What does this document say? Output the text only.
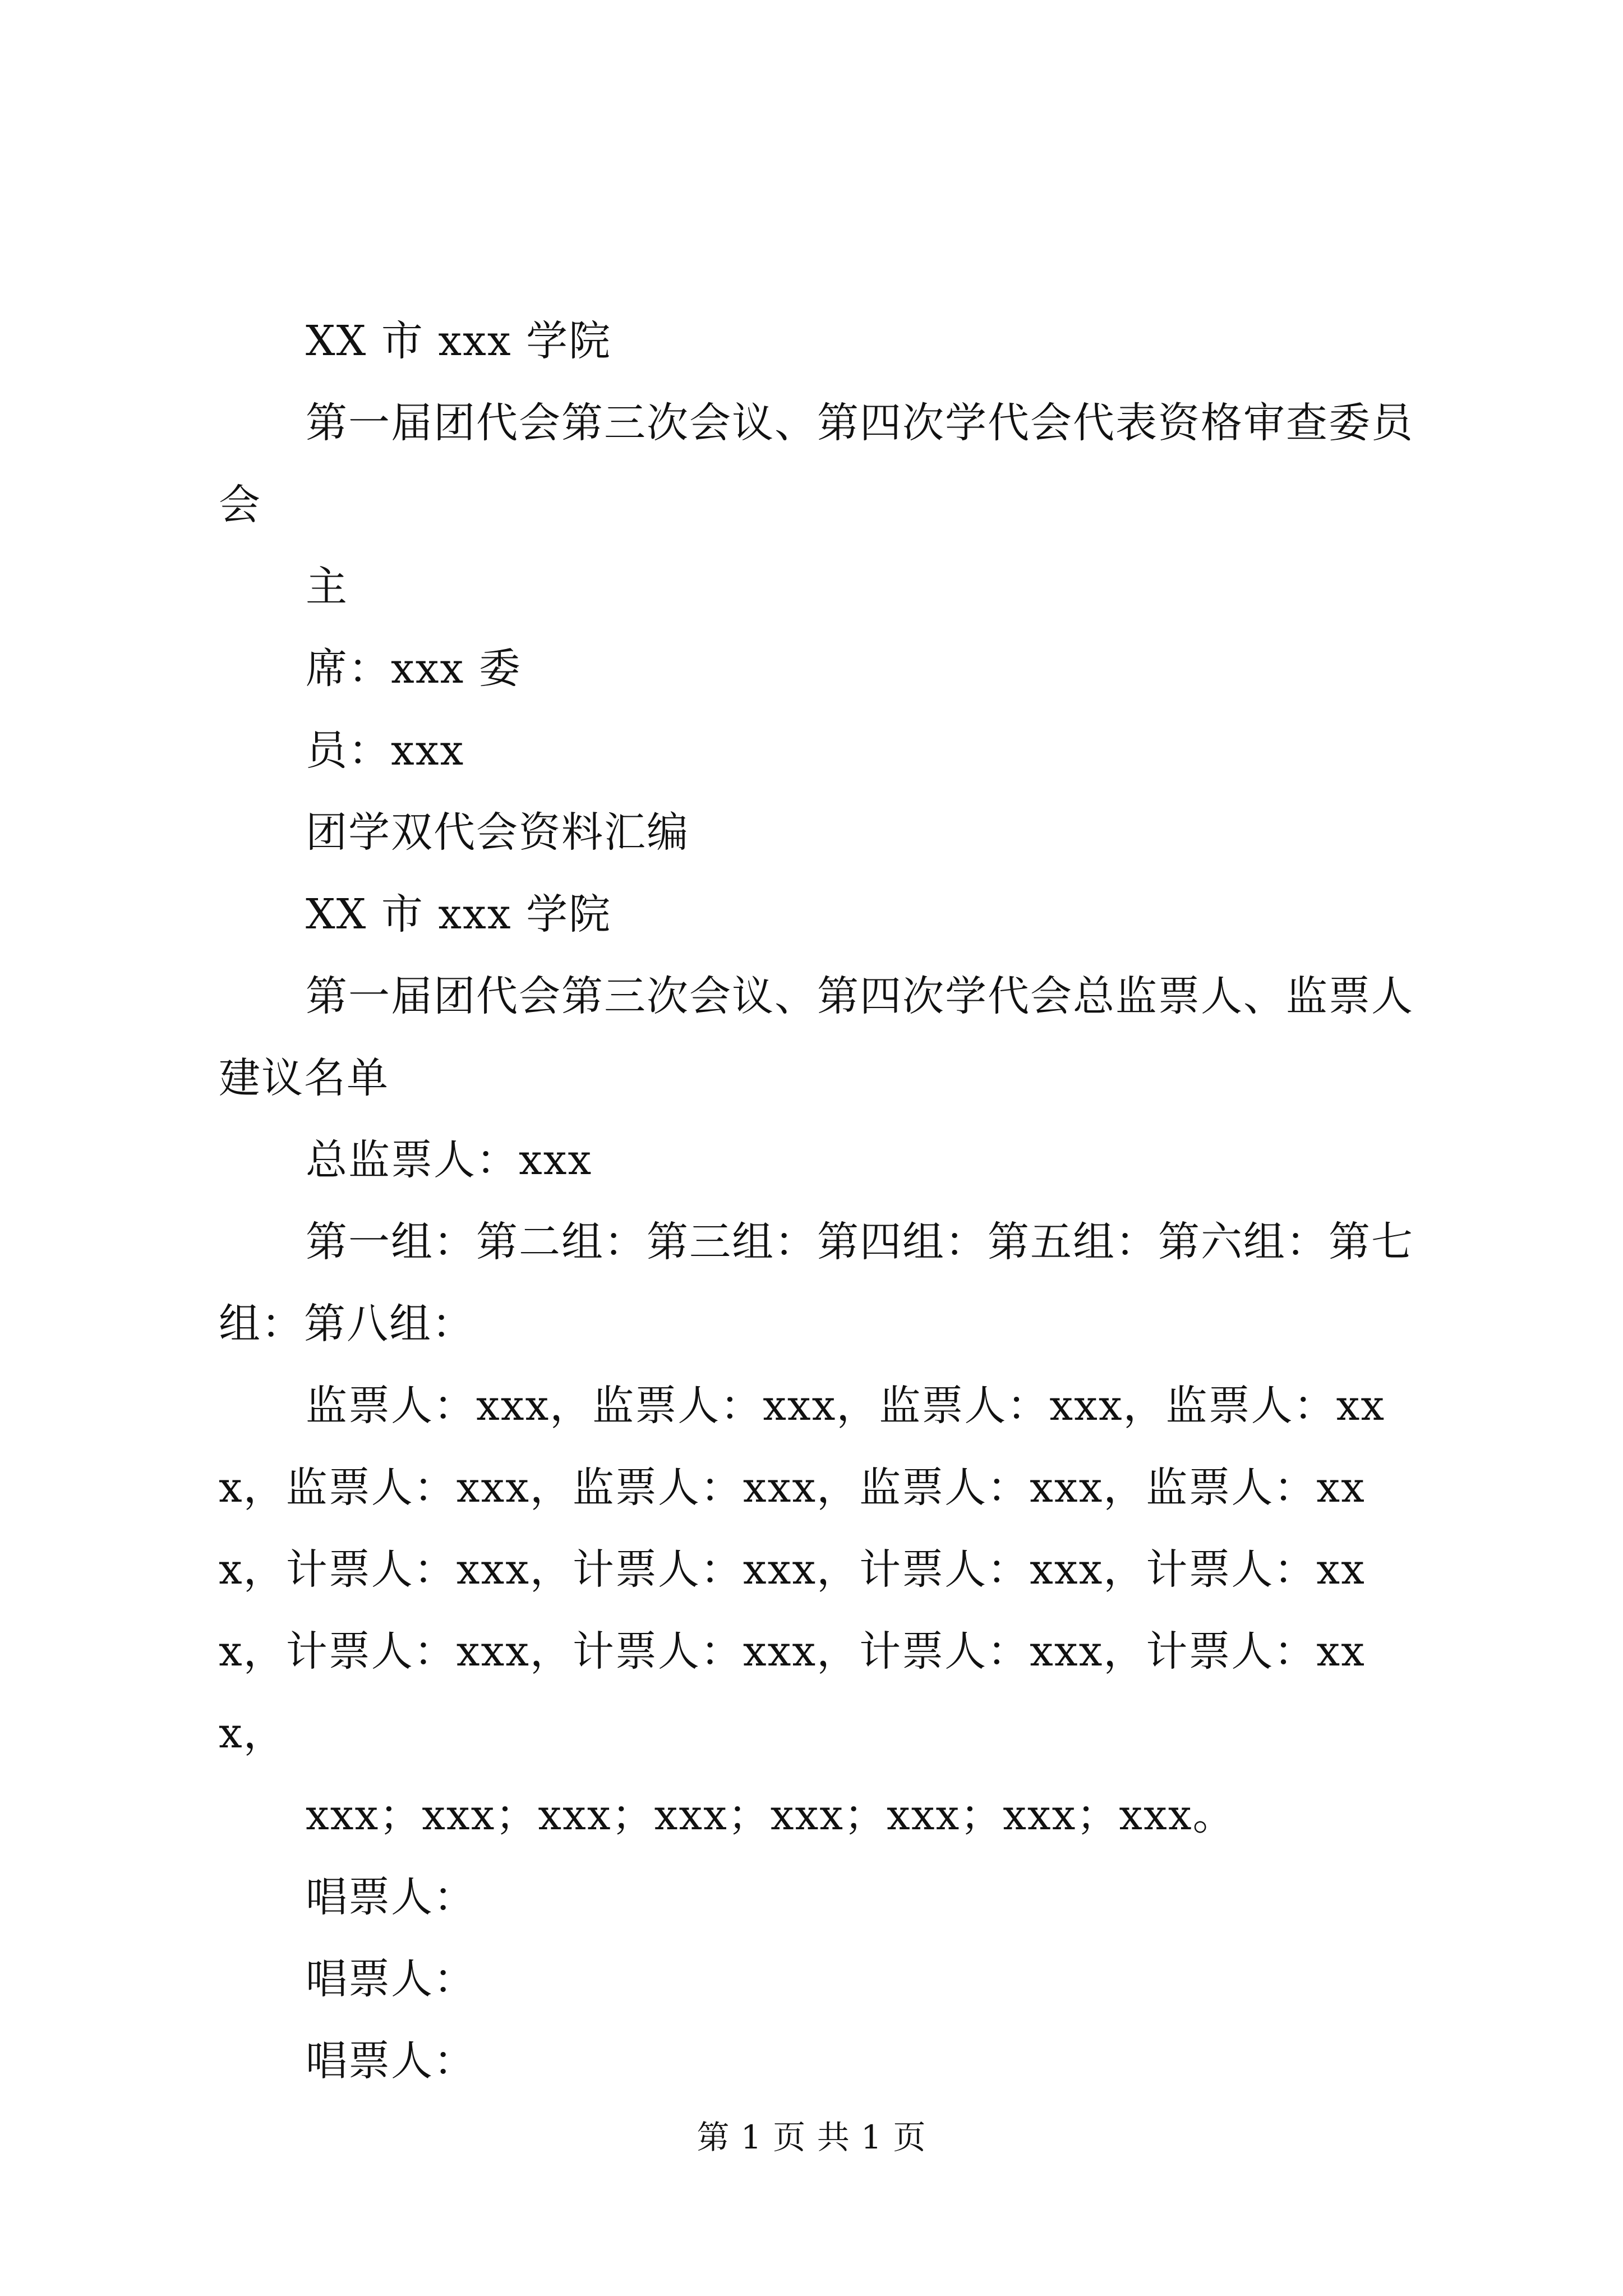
XX 市 xxx 学院

第一届团代会第三次会议、第四次学代会代表资格审查委员会

主

席：xxx 委

员：xxx

团学双代会资料汇编

XX 市 xxx 学院

第一届团代会第三次会议、第四次学代会总监票人、监票人建议名单

总监票人：xxx

第一组：第二组：第三组：第四组：第五组：第六组：第七组：第八组：

监票人：xxx，监票人：xxx，监票人：xxx，监票人：xxx，监票人：xxx，监票人：xxx，监票人：xxx，监票人：xxx，计票人：xxx，计票人：xxx，计票人：xxx，计票人：xxx，计票人：xxx，计票人：xxx，计票人：xxx，计票人：xxx，

xxx；xxx；xxx；xxx；xxx；xxx；xxx；xxx。

唱票人：

唱票人：

唱票人：

第 1 页 共 1 页
